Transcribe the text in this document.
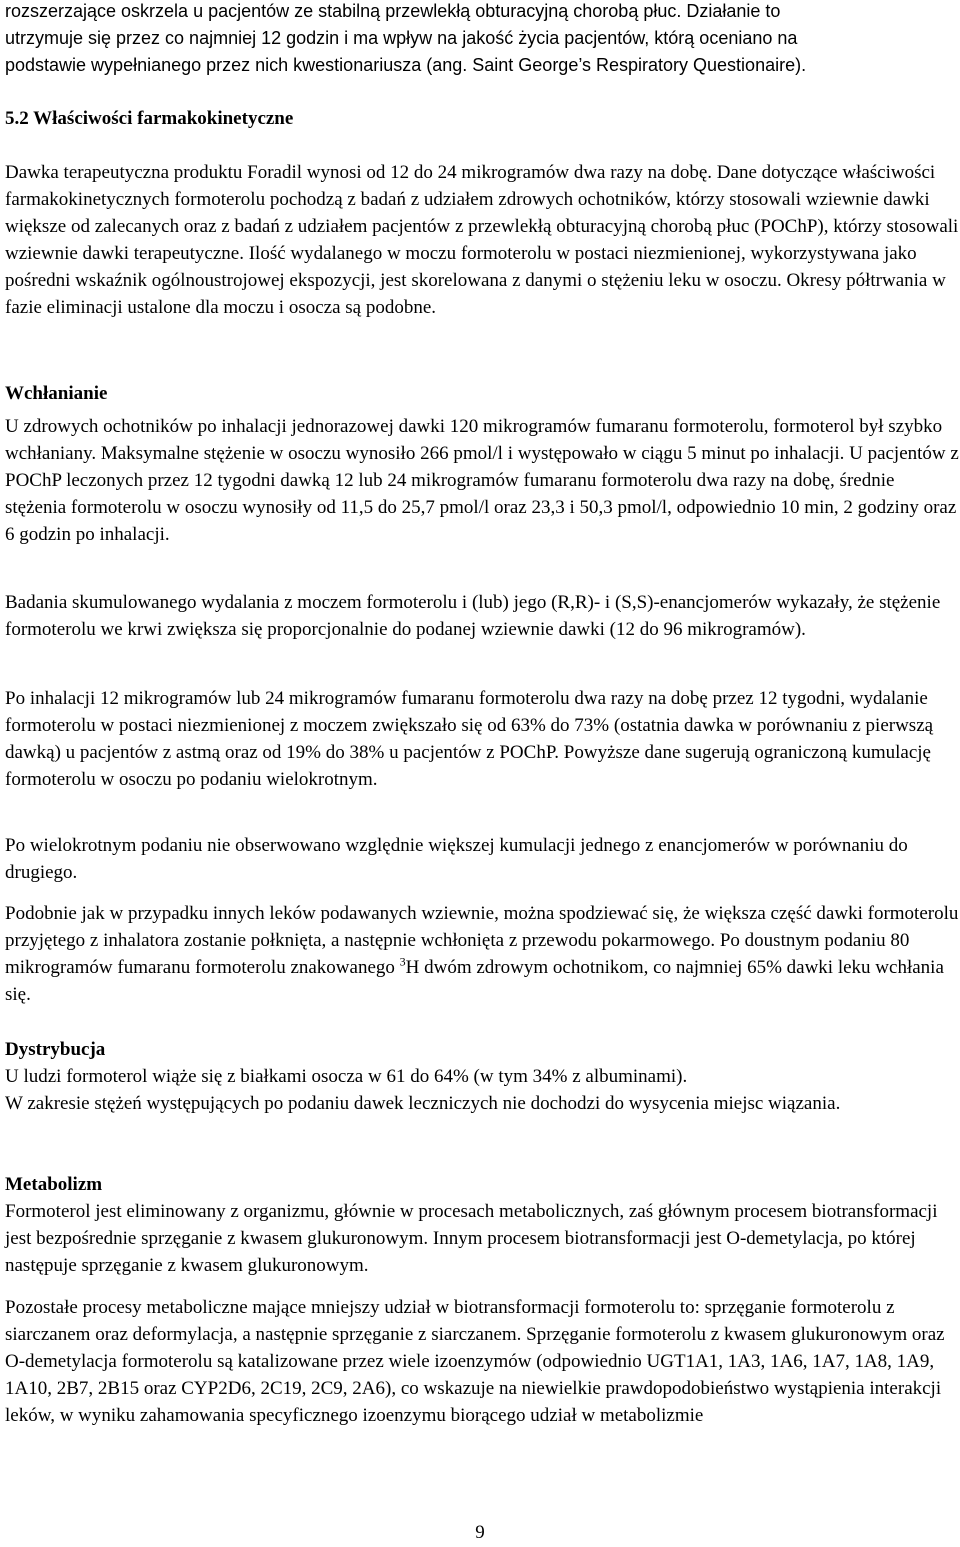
rozszerzające oskrzela u pacjentów ze stabilną przewlekłą obturacyjną chorobą płuc. Działanie to

utrzymuje się przez co najmniej 12 godzin i ma wpływ na jakość życia pacjentów, którą oceniano na

podstawie wypełnianego przez nich kwestionariusza (ang. Saint George’s Respiratory Questionaire).

5.2 Właściwości farmakokinetyczne

Dawka terapeutyczna produktu Foradil wynosi od 12 do 24 mikrogramów dwa razy na dobę. Dane dotyczące właściwości farmakokinetycznych formoterolu pochodzą z badań z udziałem zdrowych ochotników, którzy stosowali wziewnie dawki większe od zalecanych oraz z badań z udziałem pacjentów z przewlekłą obturacyjną chorobą płuc (POChP), którzy stosowali wziewnie dawki terapeutyczne. Ilość wydalanego w moczu formoterolu w postaci niezmienionej, wykorzystywana jako pośredni wskaźnik ogólnoustrojowej ekspozycji, jest skorelowana z danymi o stężeniu leku w osoczu. Okresy półtrwania w fazie eliminacji ustalone dla moczu i osocza są podobne.

Wchłanianie

U zdrowych ochotników po inhalacji jednorazowej dawki 120 mikrogramów fumaranu formoterolu, formoterol był szybko wchłaniany. Maksymalne stężenie w osoczu wynosiło 266 pmol/l i występowało w ciągu 5 minut po inhalacji. U pacjentów z POChP leczonych przez 12 tygodni dawką 12 lub 24 mikrogramów fumaranu formoterolu dwa razy na dobę, średnie stężenia formoterolu w osoczu wynosiły od 11,5 do 25,7 pmol/l oraz 23,3 i 50,3 pmol/l, odpowiednio 10 min, 2 godziny oraz 6 godzin po inhalacji.

Badania skumulowanego wydalania z moczem formoterolu i (lub) jego (R,R)- i (S,S)-enancjomerów wykazały, że stężenie formoterolu we krwi zwiększa się proporcjonalnie do podanej wziewnie dawki (12 do 96 mikrogramów).

Po inhalacji 12 mikrogramów lub 24 mikrogramów fumaranu formoterolu dwa razy na dobę przez 12 tygodni, wydalanie formoterolu w postaci niezmienionej z moczem zwiększało się od 63% do 73% (ostatnia dawka w porównaniu z pierwszą dawką) u pacjentów z astmą oraz od 19% do 38% u pacjentów z POChP. Powyższe dane sugerują ograniczoną kumulację formoterolu w osoczu po podaniu wielokrotnym.

Po wielokrotnym podaniu nie obserwowano względnie większej kumulacji jednego z enancjomerów w porównaniu do drugiego.

Podobnie jak w przypadku innych leków podawanych wziewnie, można spodziewać się, że większa część dawki formoterolu przyjętego z inhalatora zostanie połknięta, a następnie wchłonięta z przewodu pokarmowego. Po doustnym podaniu 80 mikrogramów fumaranu formoterolu znakowanego $^3$H dwóm zdrowym ochotnikom, co najmniej 65% dawki leku wchłania się.

Dystrybucja

U ludzi formoterol wiąże się z białkami osocza w 61 do 64% (w tym 34% z albuminami).

W zakresie stężeń występujących po podaniu dawek leczniczych nie dochodzi do wysycenia miejsc wiązania.

Metabolizm

Formoterol jest eliminowany z organizmu, głównie w procesach metabolicznych, zaś głównym procesem biotransformacji jest bezpośrednie sprzęganie z kwasem glukuronowym. Innym procesem biotransformacji jest O-demetylacja, po której następuje sprzęganie z kwasem glukuronowym.

Pozostałe procesy metaboliczne mające mniejszy udział w biotransformacji formoterolu to: sprzęganie formoterolu z siarczanem oraz deformylacja, a następnie sprzęganie z siarczanem. Sprzęganie formoterolu z kwasem glukuronowym oraz O-demetylacja formoterolu są katalizowane przez wiele izoenzymów (odpowiednio UGT1A1, 1A3, 1A6, 1A7, 1A8, 1A9, 1A10, 2B7, 2B15 oraz CYP2D6, 2C19, 2C9, 2A6), co wskazuje na niewielkie prawdopodobieństwo wystąpienia interakcji leków, w wyniku zahamowania specyficznego izoenzymu biorącego udział w metabolizmie

9
